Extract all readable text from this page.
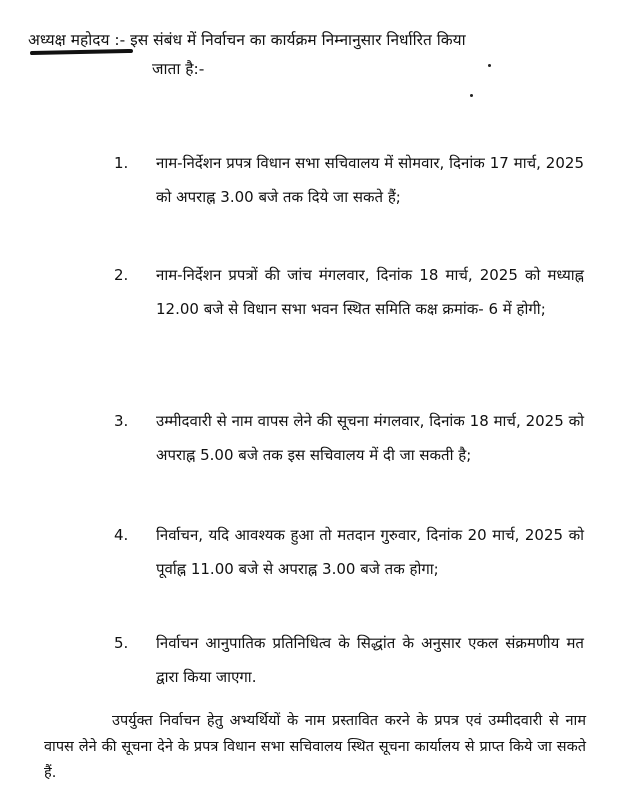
अध्यक्ष महोदय :- इस संबंध में निर्वाचन का कार्यक्रम निम्नानुसार निर्धारित किया
जाता है:-
1.	नाम-निर्देशन प्रपत्र विधान सभा सचिवालय में सोमवार, दिनांक 17 मार्च, 2025 को अपराह्न 3.00 बजे तक दिये जा सकते हैं;
2.	नाम-निर्देशन प्रपत्रों की जांच मंगलवार, दिनांक 18 मार्च, 2025 को मध्याह्न 12.00 बजे से विधान सभा भवन स्थित समिति कक्ष क्रमांक- 6 में होगी;
3.	उम्मीदवारी से नाम वापस लेने की सूचना मंगलवार, दिनांक 18 मार्च, 2025 को अपराह्न 5.00 बजे तक इस सचिवालय में दी जा सकती है;
4.	निर्वाचन, यदि आवश्यक हुआ तो मतदान गुरुवार, दिनांक 20 मार्च, 2025 को पूर्वाह्न 11.00 बजे से अपराह्न 3.00 बजे तक होगा;
5.	निर्वाचन आनुपातिक प्रतिनिधित्व के सिद्धांत के अनुसार एकल संक्रमणीय मत द्वारा किया जाएगा.
उपर्युक्त निर्वाचन हेतु अभ्यर्थियों के नाम प्रस्तावित करने के प्रपत्र एवं उम्मीदवारी से नाम वापस लेने की सूचना देने के प्रपत्र विधान सभा सचिवालय स्थित सूचना कार्यालय से प्राप्त किये जा सकते हैं.
